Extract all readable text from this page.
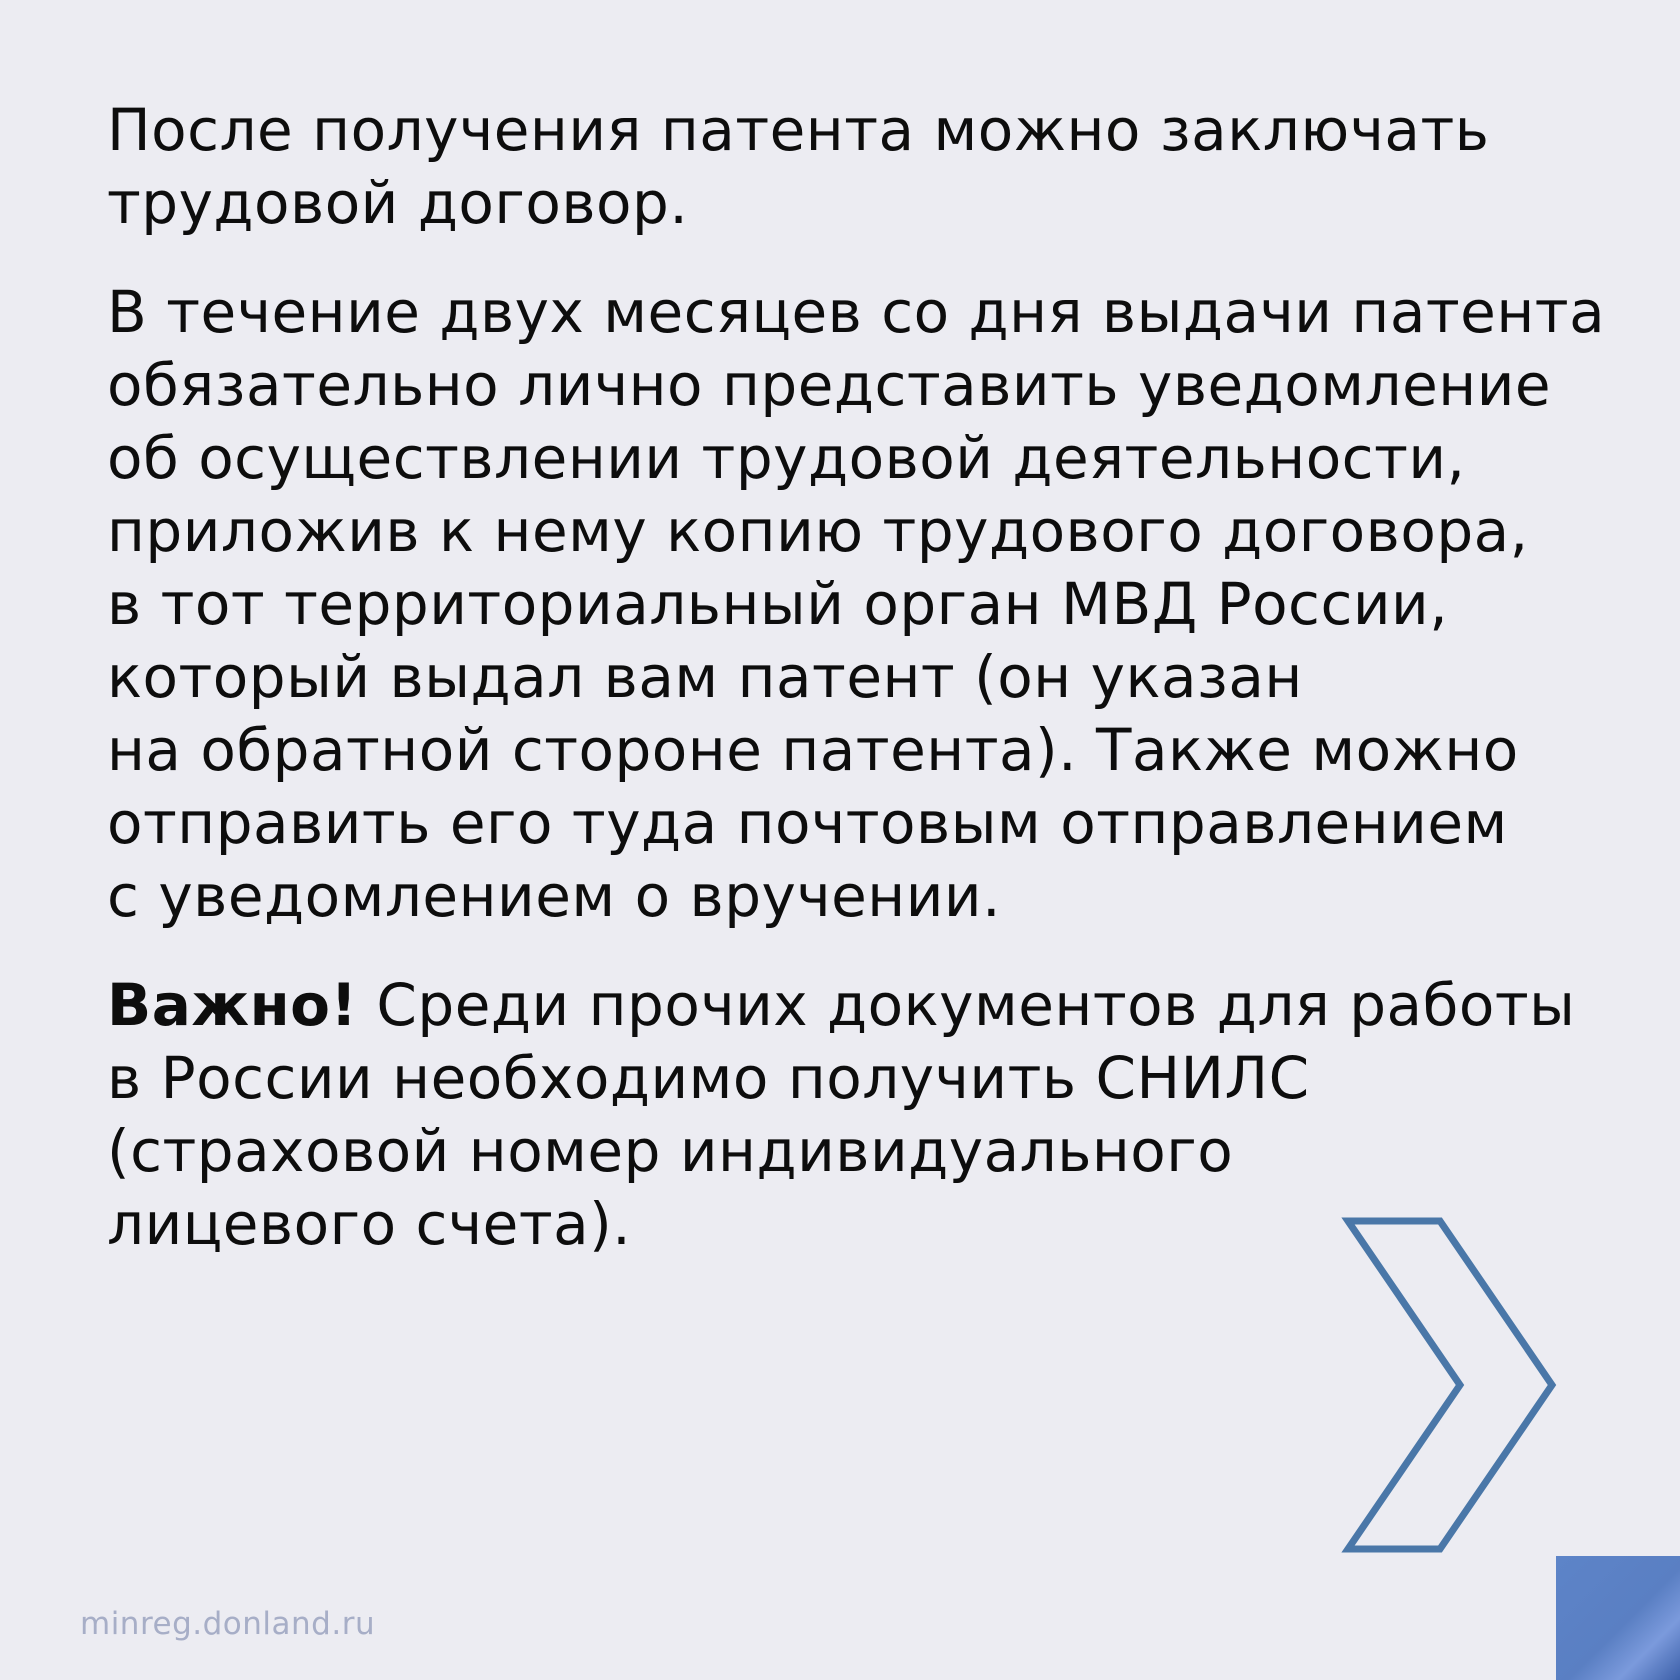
После получения патента можно заключать
трудовой договор.

В течение двух месяцев со дня выдачи патента
обязательно лично представить уведомление
об осуществлении трудовой деятельности,
приложив к нему копию трудового договора,
в тот территориальный орган МВД России,
который выдал вам патент (он указан
на обратной стороне патента). Также можно
отправить его туда почтовым отправлением
с уведомлением о вручении.

Важно! Среди прочих документов для работы
в России необходимо получить СНИЛС
(страховой номер индивидуального
лицевого счета).

minreg.donland.ru
